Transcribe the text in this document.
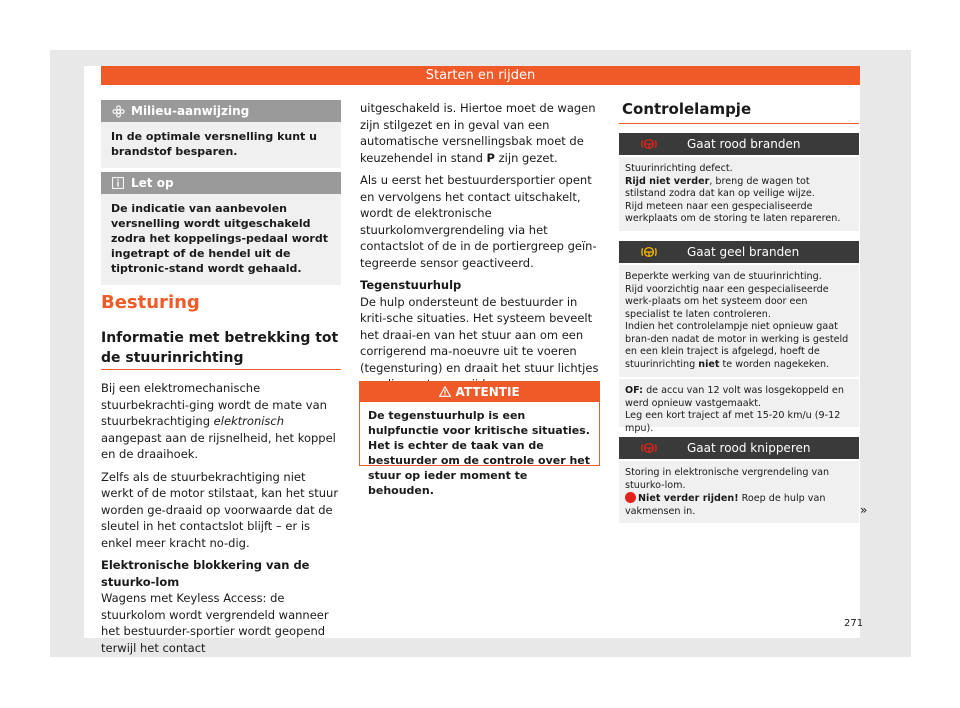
Starten en rijden
Milieu-aanwijzing
In de optimale versnelling kunt u brandstof besparen.
Let op
De indicatie van aanbevolen versnelling wordt uitgeschakeld zodra het koppelings-pedaal wordt ingetrapt of de hendel uit de tiptronic-stand wordt gehaald.
Besturing
Informatie met betrekking tot de stuurinrichting

Bij een elektromechanische stuurbekrachti-ging wordt de mate van stuurbekrachtiging elektronisch aangepast aan de rijsnelheid, het koppel en de draaihoek.

Zelfs als de stuurbekrachtiging niet werkt of de motor stilstaat, kan het stuur worden ge-draaid op voorwaarde dat de sleutel in het contactslot blijft – er is enkel meer kracht no-dig.

Elektronische blokkering van de stuurko-lom

Wagens met Keyless Access: de stuurkolom wordt vergrendeld wanneer het bestuurder-sportier wordt geopend terwijl het contact

uitgeschakeld is. Hiertoe moet de wagen zijn stilgezet en in geval van een automatische versnellingsbak moet de keuzehendel in stand P zijn gezet.

Als u eerst het bestuurdersportier opent en vervolgens het contact uitschakelt, wordt de elektronische stuurkolomvergrendeling via het contactslot of de in de portiergreep geïn-tegreerde sensor geactiveerd.

Tegenstuurhulp

De hulp ondersteunt de bestuurder in kriti-sche situaties. Het systeem beveelt het draai-en van het stuur aan om een corrigerend ma-noeuvre uit te voeren (tegensturing) en draait het stuur lichtjes

ATTENTIE
De tegenstuurhulp is een hulpfunctie voor kritische situaties. Het is echter de taak van de bestuurder om de controle over het stuur op ieder moment te behouden.
Controlelampje
Gaat rood branden
Stuurinrichting defect.
Rijd niet verder, breng de wagen tot stilstand zodra dat kan op veilige wijze.
Rijd meteen naar een gespecialiseerde werkplaats om de storing te laten repareren.
Gaat geel branden
Beperkte werking van de stuurinrichting.
Rijd voorzichtig naar een gespecialiseerde werk-plaats om het systeem door een specialist te laten controleren.
Indien het controlelampje niet opnieuw gaat bran-den nadat de motor in werking is gesteld en een klein traject is afgelegd, hoeft de stuurinrichting niet te worden nagekeken.
OF: de accu van 12 volt was losgekoppeld en werd opnieuw vastgemaakt.
Leg een kort traject af met 15-20 km/u (9-12 mpu).
Gaat rood knipperen
Storing in elektronische vergrendeling van stuurko-lom.
Niet verder rijden! Roep de hulp van vakmensen in.	»
271
